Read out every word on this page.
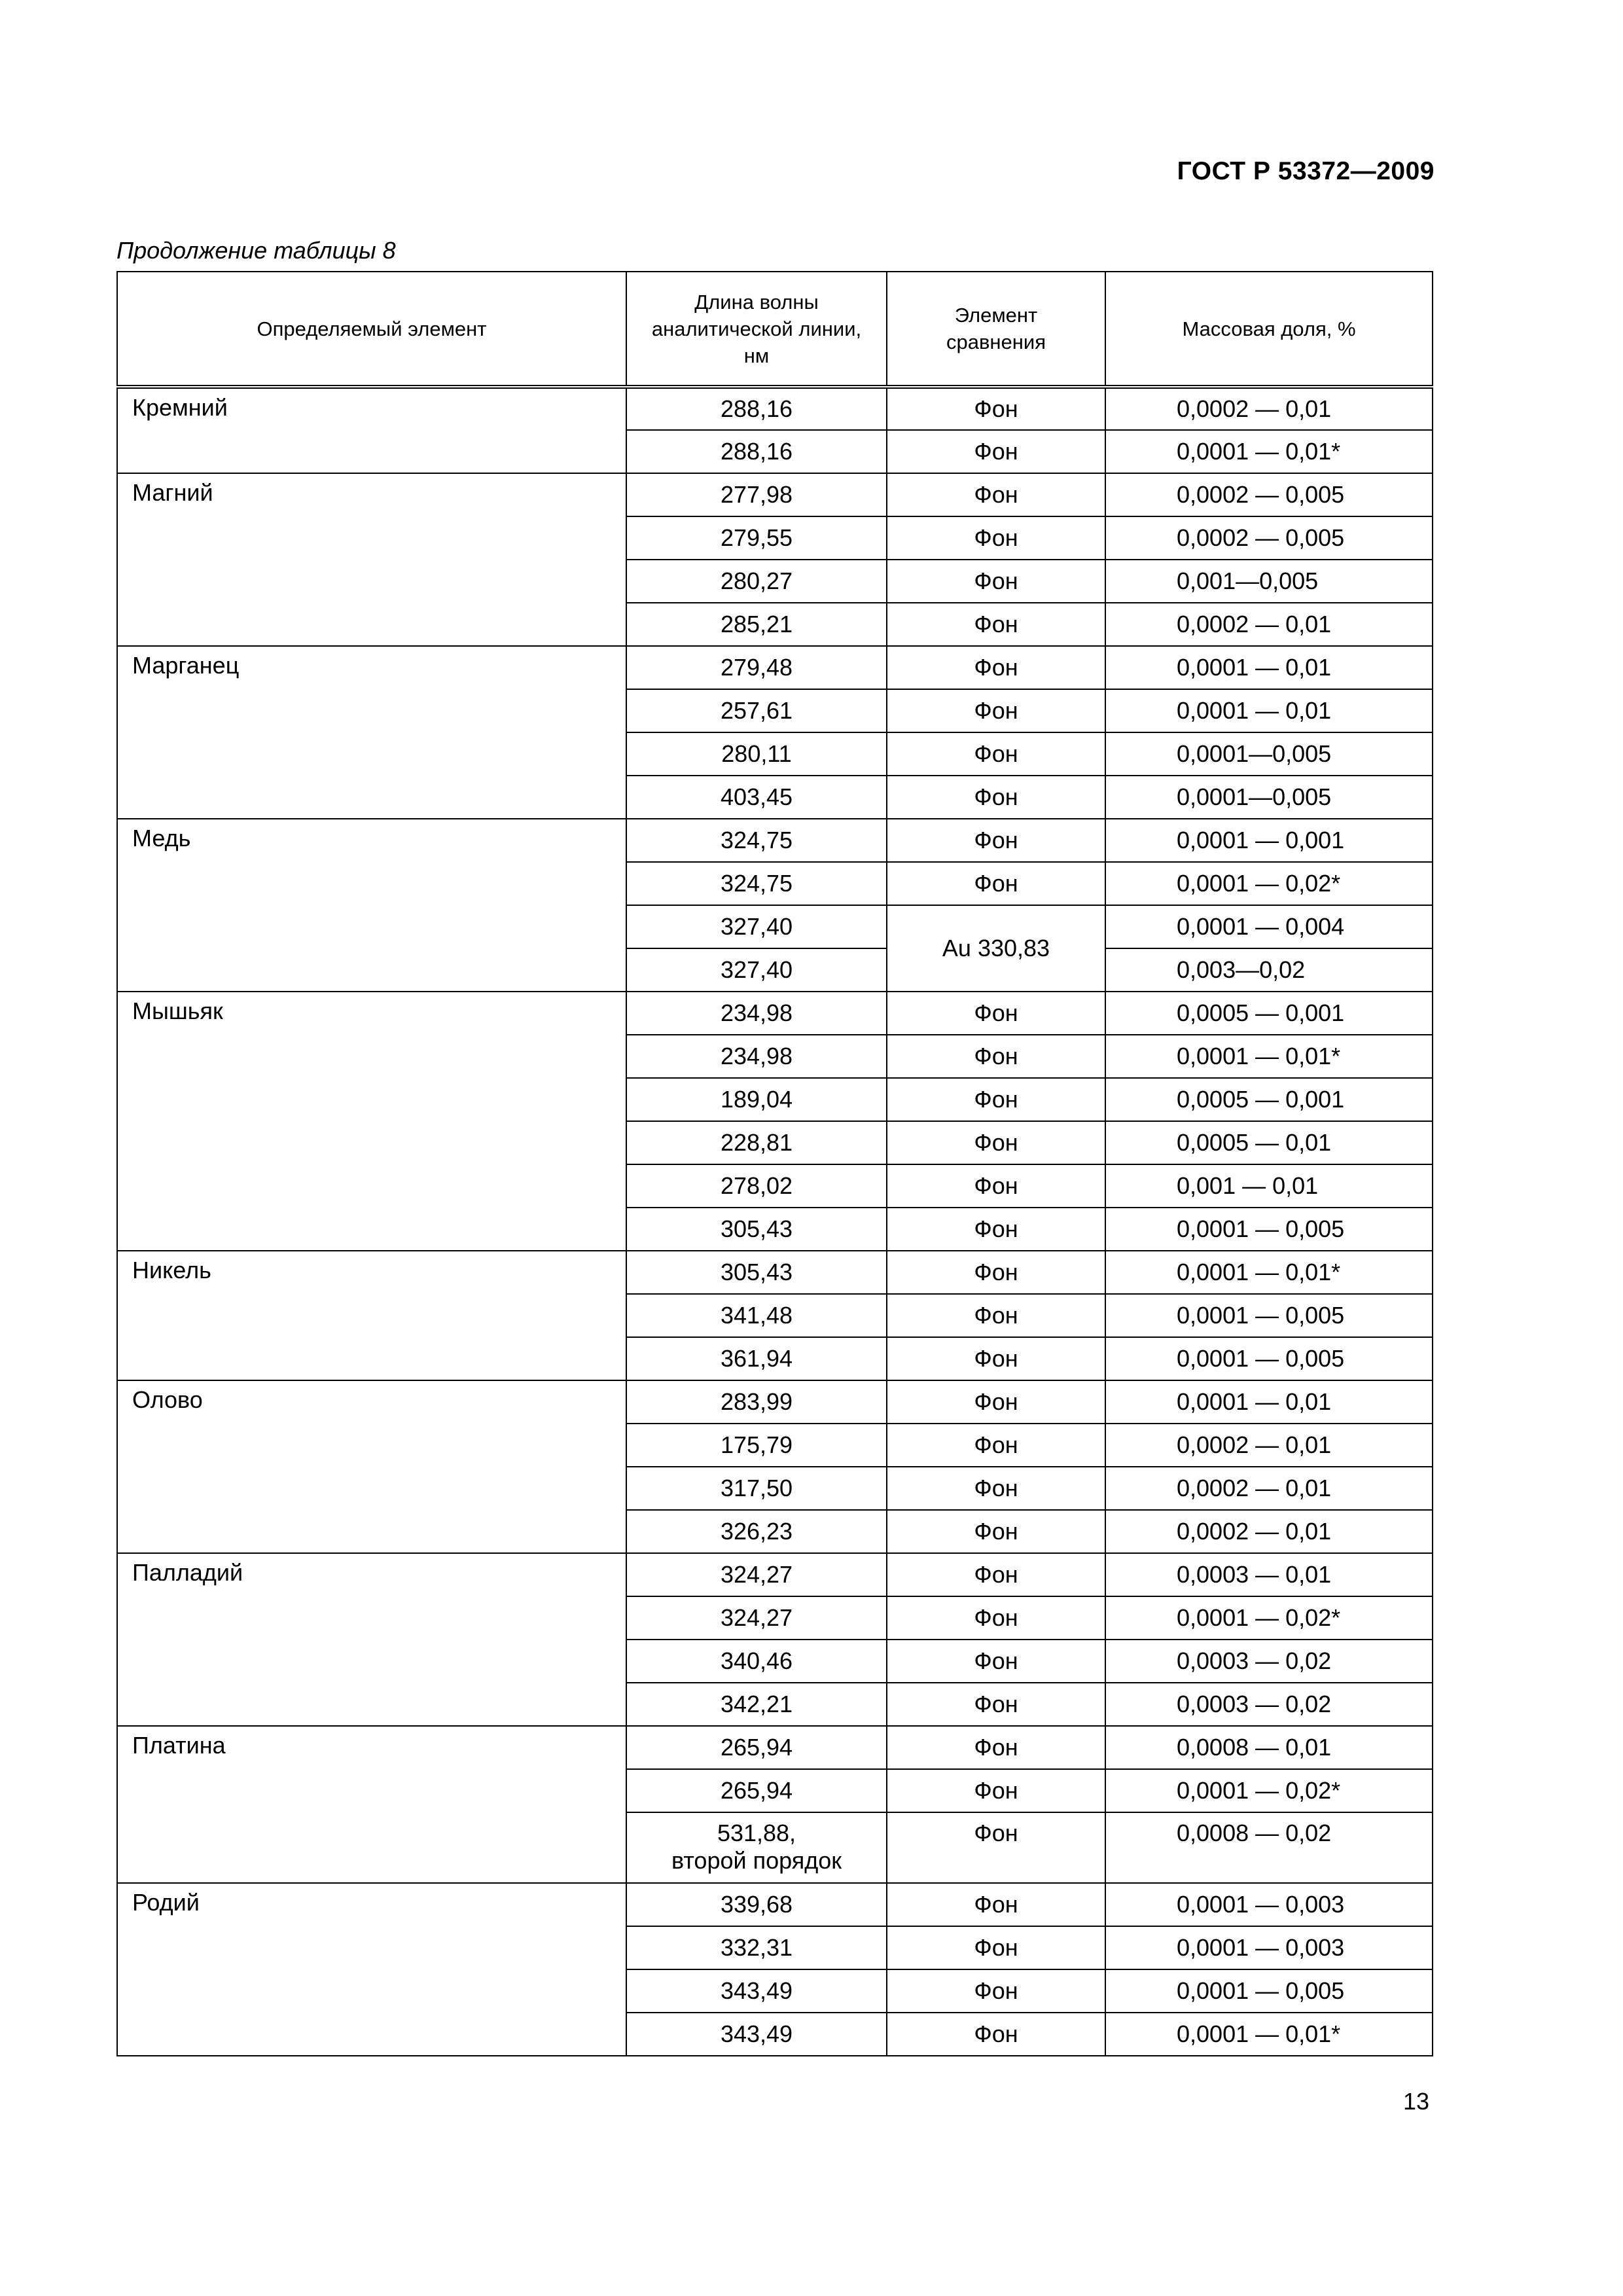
ГОСТ Р 53372—2009
Продолжение таблицы 8
Определяемый элемент	Длина волны аналитической линии, нм	Элемент сравнения	Массовая доля, %
Кремний	288,16	Фон	0,0002 — 0,01
	288,16	Фон	0,0001 — 0,01*
Магний	277,98	Фон	0,0002 — 0,005
	279,55	Фон	0,0002 — 0,005
	280,27	Фон	0,001—0,005
	285,21	Фон	0,0002 — 0,01
Марганец	279,48	Фон	0,0001 — 0,01
	257,61	Фон	0,0001 — 0,01
	280,11	Фон	0,0001—0,005
	403,45	Фон	0,0001—0,005
Медь	324,75	Фон	0,0001 — 0,001
	324,75	Фон	0,0001 — 0,02*
	327,40	Au 330,83	0,0001 — 0,004
	327,40		0,003—0,02
Мышьяк	234,98	Фон	0,0005 — 0,001
	234,98	Фон	0,0001 — 0,01*
	189,04	Фон	0,0005 — 0,001
	228,81	Фон	0,0005 — 0,01
	278,02	Фон	0,001 — 0,01
	305,43	Фон	0,0001 — 0,005
Никель	305,43	Фон	0,0001 — 0,01*
	341,48	Фон	0,0001 — 0,005
	361,94	Фон	0,0001 — 0,005
Олово	283,99	Фон	0,0001 — 0,01
	175,79	Фон	0,0002 — 0,01
	317,50	Фон	0,0002 — 0,01
	326,23	Фон	0,0002 — 0,01
Палладий	324,27	Фон	0,0003 — 0,01
	324,27	Фон	0,0001 — 0,02*
	340,46	Фон	0,0003 — 0,02
	342,21	Фон	0,0003 — 0,02
Платина	265,94	Фон	0,0008 — 0,01
	265,94	Фон	0,0001 — 0,02*
	531,88,
второй порядок	Фон	0,0008 — 0,02
Родий	339,68	Фон	0,0001 — 0,003
	332,31	Фон	0,0001 — 0,003
	343,49	Фон	0,0001 — 0,005
	343,49	Фон	0,0001 — 0,01*
13
